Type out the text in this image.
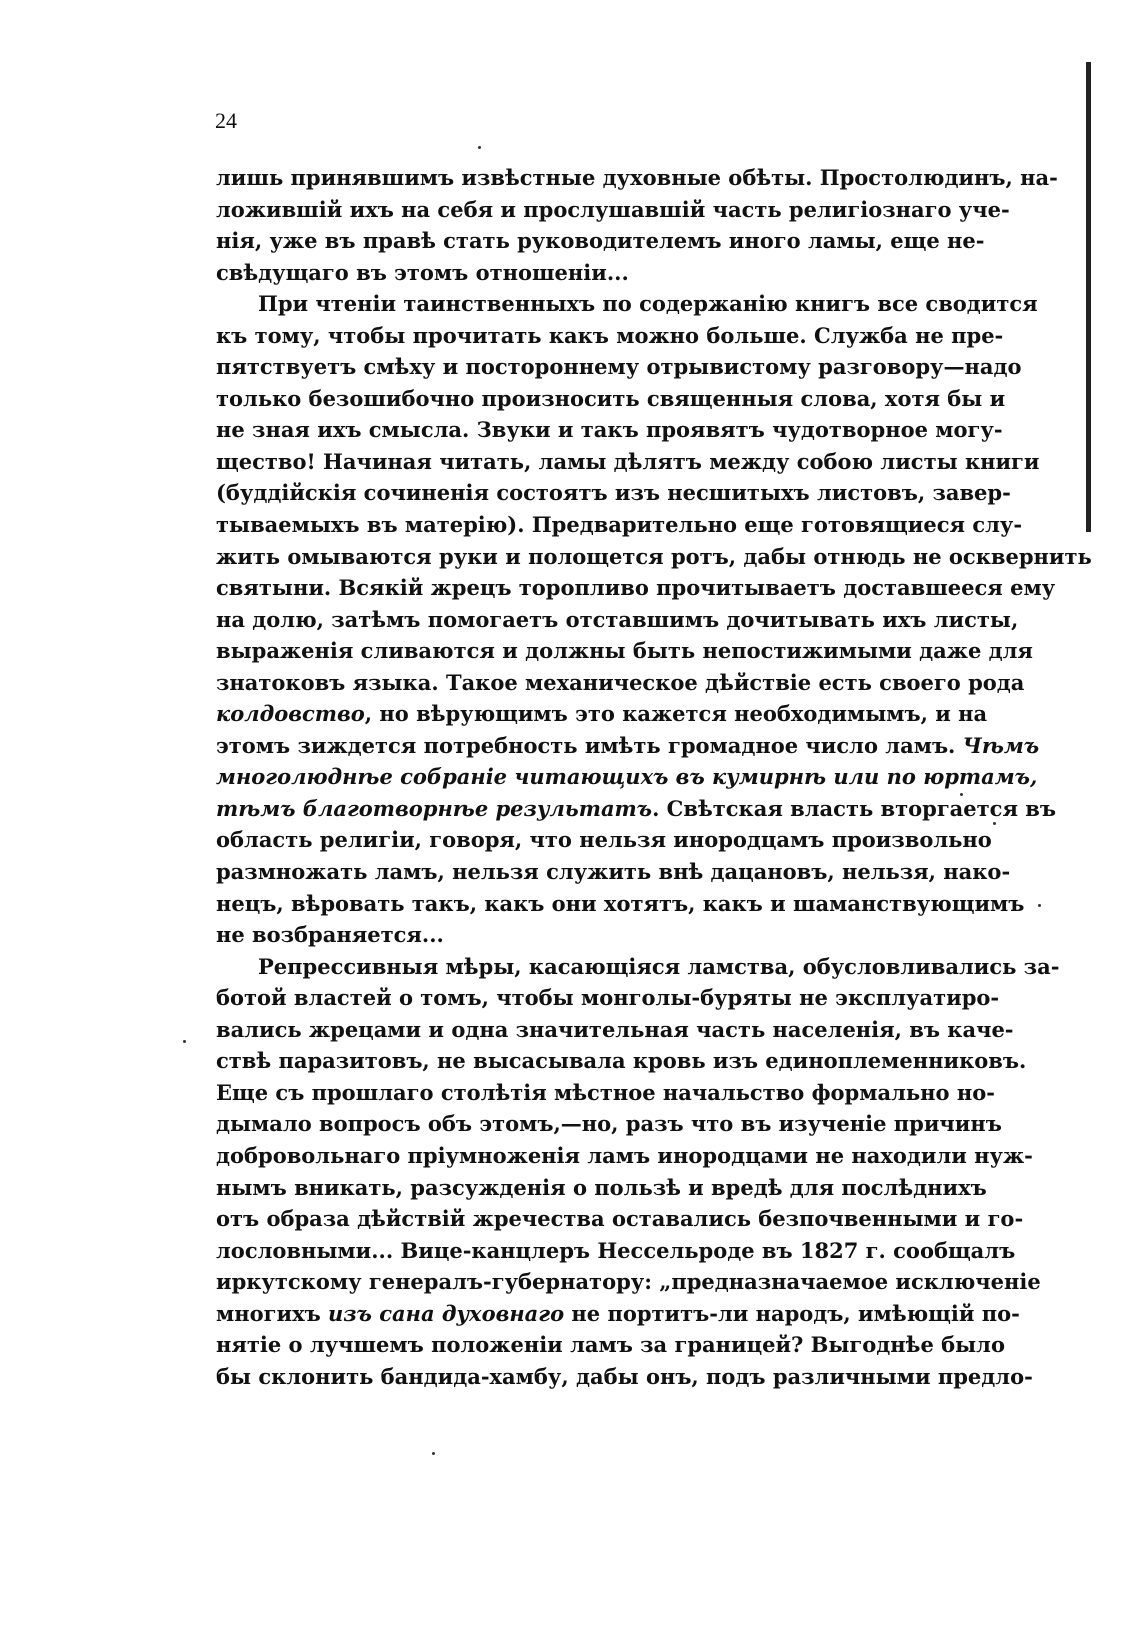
24
лишь принявшимъ извѣстные духовные обѣты. Простолюдинъ, на-
ложившій ихъ на себя и прослушавшій часть религіознаго уче-
нія, уже въ правѣ стать руководителемъ иного ламы, еще не-
свѣдущаго въ этомъ отношеніи...
При чтеніи таинственныхъ по содержанію книгъ все сводится
къ тому, чтобы прочитать какъ можно больше. Служба не пре-
пятствуетъ смѣху и постороннему отрывистому разговору—надо
только безошибочно произносить священныя слова, хотя бы и
не зная ихъ смысла. Звуки и такъ проявятъ чудотворное могу-
щество! Начиная читать, ламы дѣлятъ между собою листы книги
(буддійскія сочиненія состоятъ изъ несшитыхъ листовъ, завер-
тываемыхъ въ матерію). Предварительно еще готовящиеся слу-
жить омываются руки и полощется ротъ, дабы отнюдь не осквернить
святыни. Всякій жрецъ торопливо прочитываетъ доставшееся ему
на долю, затѣмъ помогаетъ отставшимъ дочитывать ихъ листы,
выраженія сливаются и должны быть непостижимыми даже для
знатоковъ языка. Такое механическое дѣйствіе есть своего рода
колдовство, но вѣрующимъ это кажется необходимымъ, и на
этомъ зиждется потребность имѣть громадное число ламъ. Чѣмъ
многолюднѣе собраніе читающихъ въ кумирнѣ или по юртамъ,
тѣмъ благотворнѣе результатъ. Свѣтская власть вторгается въ
область религіи, говоря, что нельзя инородцамъ произвольно
размножать ламъ, нельзя служить внѣ дацановъ, нельзя, нако-
нецъ, вѣровать такъ, какъ они хотятъ, какъ и шаманствующимъ
не возбраняется...
Репрессивныя мѣры, касающіяся ламства, обусловливались за-
ботой властей о томъ, чтобы монголы-буряты не эксплуатиро-
вались жрецами и одна значительная часть населенія, въ каче-
ствѣ паразитовъ, не высасывала кровь изъ единоплеменниковъ.
Еще съ прошлаго столѣтія мѣстное начальство формально но-
дымало вопросъ объ этомъ,—но, разъ что въ изученіе причинъ
добровольнаго пріумноженія ламъ инородцами не находили нуж-
нымъ вникать, разсужденія о пользѣ и вредѣ для послѣднихъ
отъ образа дѣйствій жречества оставались безпочвенными и го-
лословными... Вице-канцлеръ Нессельроде въ 1827 г. сообщалъ
иркутскому генералъ-губернатору: „предназначаемое исключеніе
многихъ изъ сана духовнаго не портитъ-ли народъ, имѣющій по-
нятіе о лучшемъ положеніи ламъ за границей? Выгоднѣе было
бы склонить бандида-хамбу, дабы онъ, подъ различными предло-
